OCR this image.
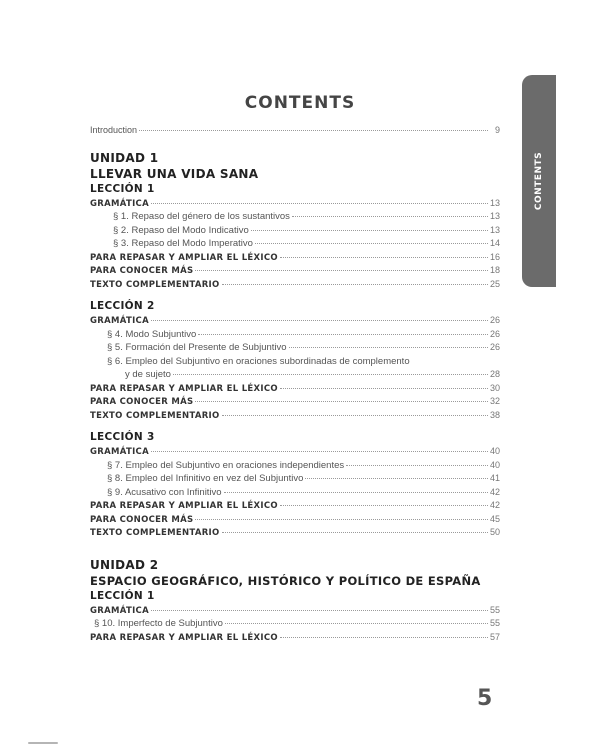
CONTENTS
CONTENTS
Introduction	9
UNIDAD 1
LLEVAR UNA VIDA SANA
LECCIÓN 1
GRAMÁTICA	13
§ 1. Repaso del género de los sustantivos	13
§ 2. Repaso del Modo Indicativo	13
§ 3. Repaso del Modo Imperativo	14
PARA REPASAR Y AMPLIAR EL LÉXICO	16
PARA CONOCER MÁS	18
TEXTO COMPLEMENTARIO	25
LECCIÓN 2
GRAMÁTICA	26
§ 4. Modo Subjuntivo	26
§ 5. Formación del Presente de Subjuntivo	26
§ 6. Empleo del Subjuntivo en oraciones subordinadas de complemento
y de sujeto	28
PARA REPASAR Y AMPLIAR EL LÉXICO	30
PARA CONOCER MÁS	32
TEXTO COMPLEMENTARIO	38
LECCIÓN 3
GRAMÁTICA	40
§ 7. Empleo del Subjuntivo en oraciones independientes	40
§ 8. Empleo del Infinitivo en vez del Subjuntivo	41
§ 9. Acusativo con Infinitivo	42
PARA REPASAR Y AMPLIAR EL LÉXICO	42
PARA CONOCER MÁS	45
TEXTO COMPLEMENTARIO	50
UNIDAD 2
ESPACIO GEOGRÁFICO, HISTÓRICO Y POLÍTICO DE ESPAÑA
LECCIÓN 1
GRAMÁTICA	55
§ 10. Imperfecto de Subjuntivo	55
PARA REPASAR Y AMPLIAR EL LÉXICO	57
5
